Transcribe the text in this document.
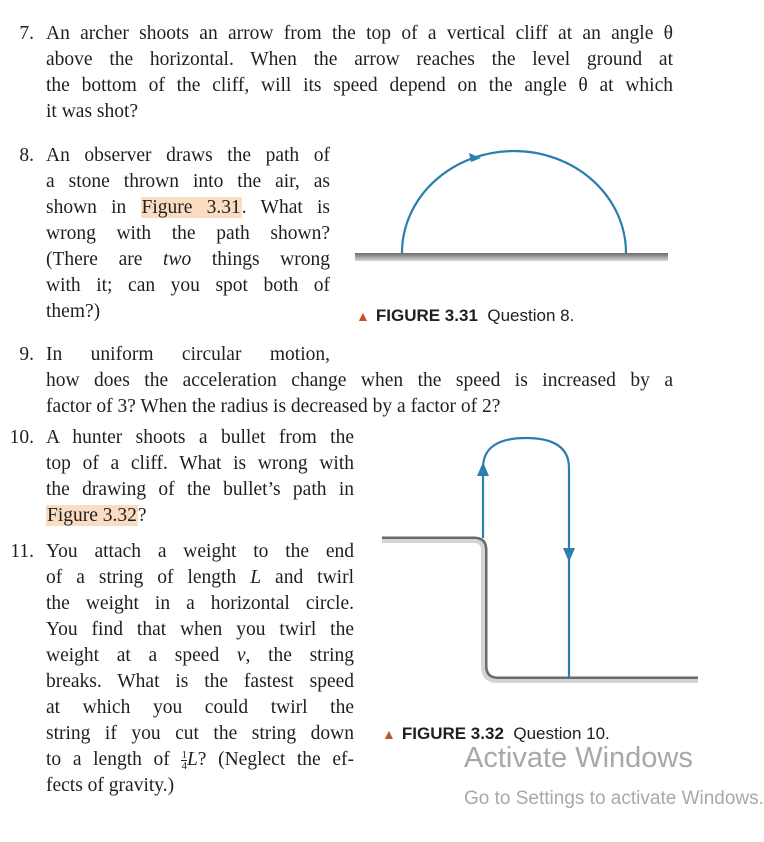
7. An archer shoots an arrow from the top of a vertical cliff at an angle θ
above the horizontal. When the arrow reaches the level ground at
the bottom of the cliff, will its speed depend on the angle θ at which
it was shot?
8. An observer draws the path of
a stone thrown into the air, as
shown in Figure 3.31. What is
wrong with the path shown?
(There are two things wrong
with it; can you spot both of
them?)	▲ FIGURE 3.31 Question 8.
9. In uniform circular motion,
how does the acceleration change when the speed is increased by a
factor of 3? When the radius is decreased by a factor of 2?
10. A hunter shoots a bullet from the
top of a cliff. What is wrong with
the drawing of the bullet’s path in
Figure 3.32?
11. You attach a weight to the end
of a string of length L and twirl
the weight in a horizontal circle.
You find that when you twirl the
weight at a speed v, the string
breaks. What is the fastest speed
at which you could twirl the
string if you cut the string down
to a length of $\frac{1}{4} L$? (Neglect the ef-
fects of gravity.)
▲ FIGURE 3.32 Question 10.
Activate Windows
Go to Settings to activate Windows.
